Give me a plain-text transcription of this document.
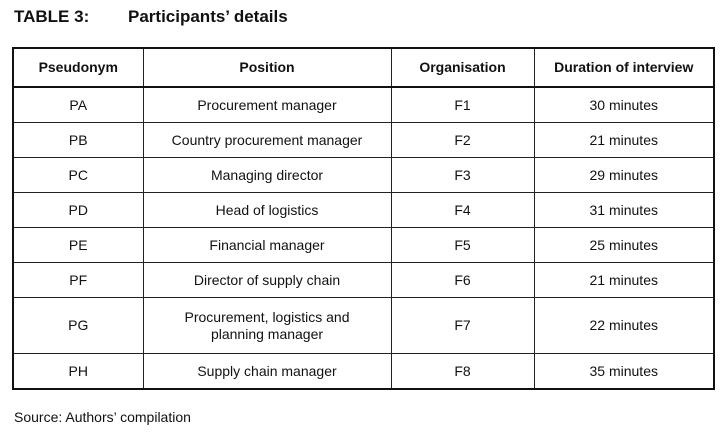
TABLE 3: Participants’ details
Pseudonym	Position	Organisation	Duration of interview
PA	Procurement manager	F1	30 minutes
PB	Country procurement manager	F2	21 minutes
PC	Managing director	F3	29 minutes
PD	Head of logistics	F4	31 minutes
PE	Financial manager	F5	25 minutes
PF	Director of supply chain	F6	21 minutes
PG	Procurement, logistics and planning manager	F7	22 minutes
PH	Supply chain manager	F8	35 minutes
Source: Authors’ compilation
